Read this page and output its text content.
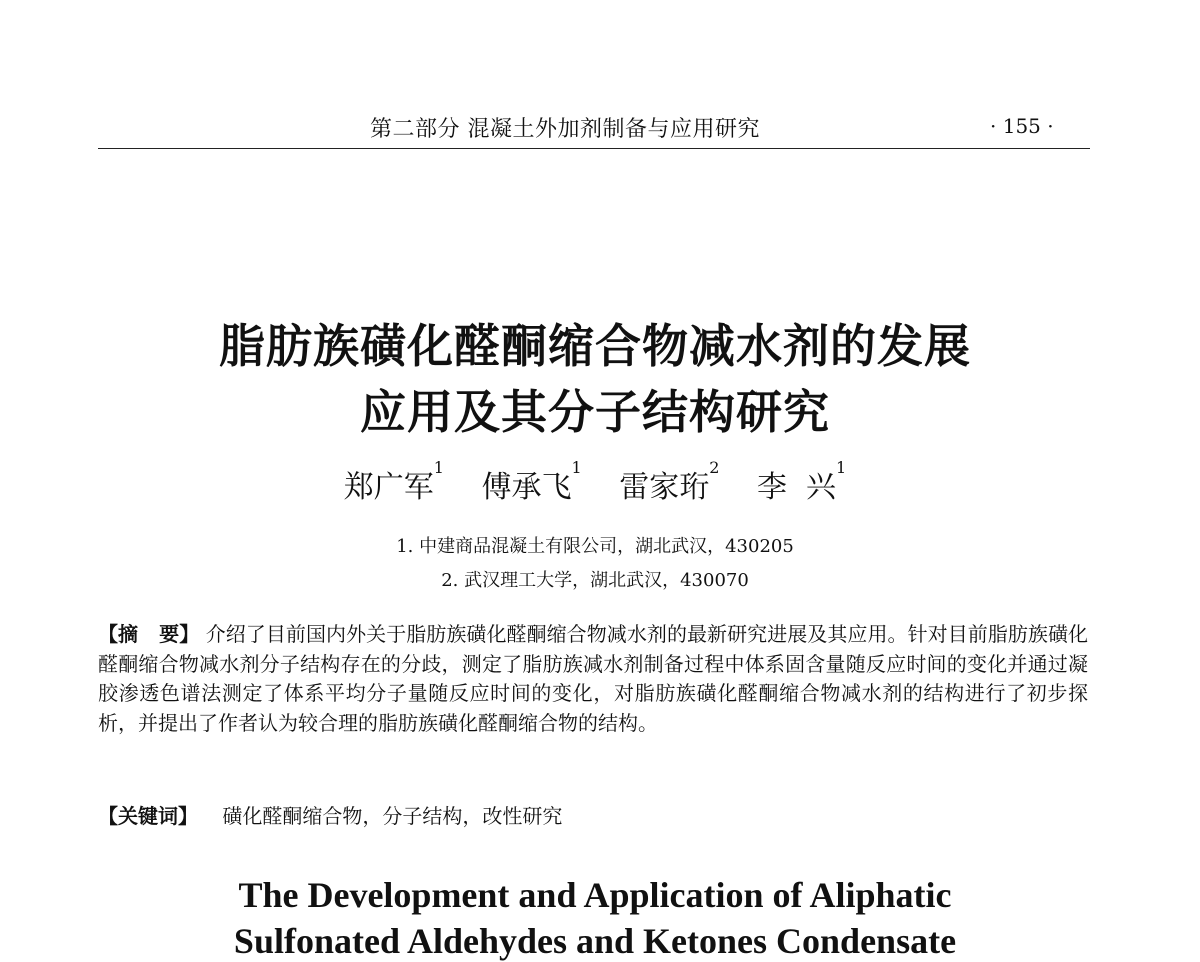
第二部分 混凝土外加剂制备与应用研究	· 155 ·
脂肪族磺化醛酮缩合物减水剂的发展
应用及其分子结构研究
郑广军$^1$ 傅承飞$^1$ 雷家珩$^2$ 李  兴$^1$
1. 中建商品混凝土有限公司，湖北武汉，430205
2. 武汉理工大学，湖北武汉，430070
【摘   要】 介绍了目前国内外关于脂肪族磺化醛酮缩合物减水剂的最新研究进展及其应用。针对目前脂肪族磺化醛酮缩合物减水剂分子结构存在的分歧，测定了脂肪族减水剂制备过程中体系固含量随反应时间的变化并通过凝胶渗透色谱法测定了体系平均分子量随反应时间的变化，对脂肪族磺化醛酮缩合物减水剂的结构进行了初步探析，并提出了作者认为较合理的脂肪族磺化醛酮缩合物的结构。
【关键词】 磺化醛酮缩合物，分子结构，改性研究
The Development and Application of Aliphatic
Sulfonated Aldehydes and Ketones Condensate
